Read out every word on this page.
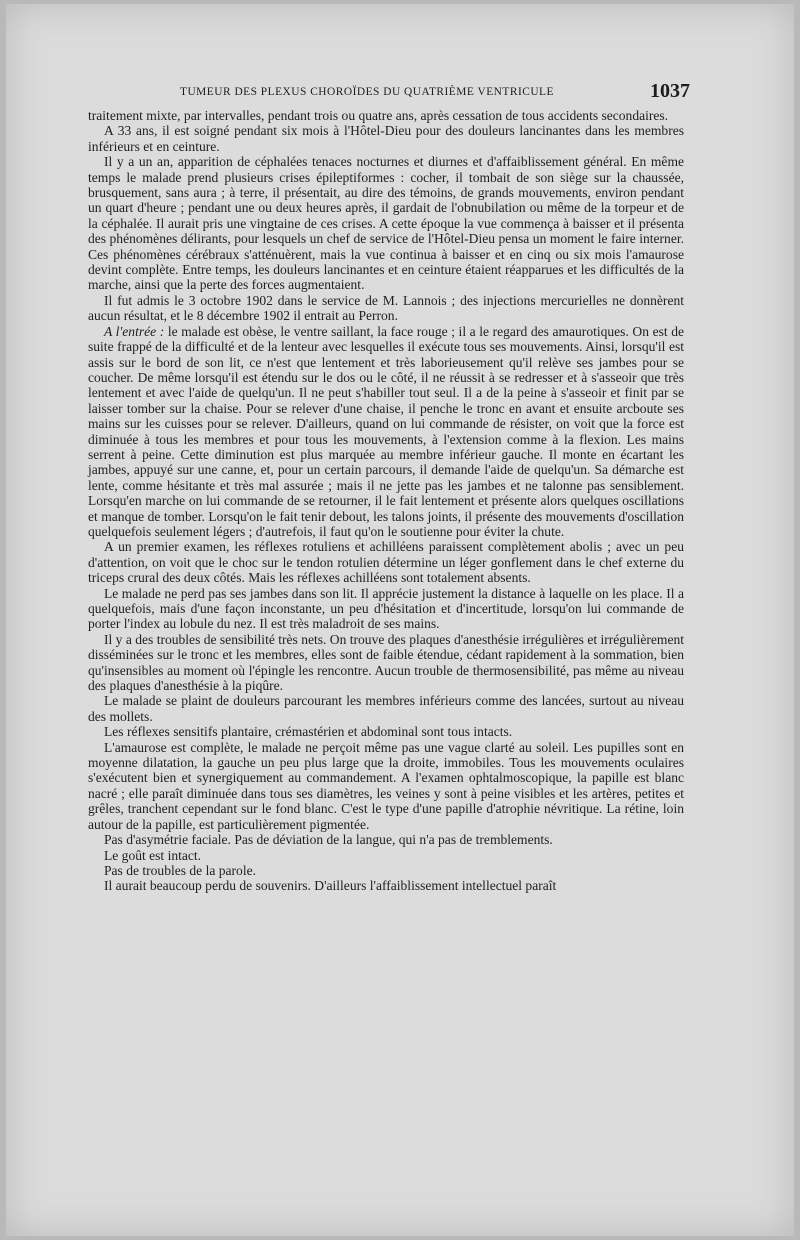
TUMEUR DES PLEXUS CHOROÏDES DU QUATRIÈME VENTRICULE	1037

traitement mixte, par intervalles, pendant trois ou quatre ans, après cessation de tous accidents secondaires.

A 33 ans, il est soigné pendant six mois à l'Hôtel-Dieu pour des douleurs lancinantes dans les membres inférieurs et en ceinture.

Il y a un an, apparition de céphalées tenaces nocturnes et diurnes et d'affaiblissement général. En même temps le malade prend plusieurs crises épileptiformes : cocher, il tombait de son siège sur la chaussée, brusquement, sans aura ; à terre, il présentait, au dire des témoins, de grands mouvements, environ pendant un quart d'heure ; pendant une ou deux heures après, il gardait de l'obnubilation ou même de la torpeur et de la céphalée. Il aurait pris une vingtaine de ces crises. A cette époque la vue commença à baisser et il présenta des phénomènes délirants, pour lesquels un chef de service de l'Hôtel-Dieu pensa un moment le faire interner. Ces phénomènes cérébraux s'atténuèrent, mais la vue continua à baisser et en cinq ou six mois l'amaurose devint complète. Entre temps, les douleurs lancinantes et en ceinture étaient réapparues et les difficultés de la marche, ainsi que la perte des forces augmentaient.

Il fut admis le 3 octobre 1902 dans le service de M. Lannois ; des injections mercurielles ne donnèrent aucun résultat, et le 8 décembre 1902 il entrait au Perron.

A l'entrée : le malade est obèse, le ventre saillant, la face rouge ; il a le regard des amaurotiques. On est de suite frappé de la difficulté et de la lenteur avec lesquelles il exécute tous ses mouvements. Ainsi, lorsqu'il est assis sur le bord de son lit, ce n'est que lentement et très laborieusement qu'il relève ses jambes pour se coucher. De même lorsqu'il est étendu sur le dos ou le côté, il ne réussit à se redresser et à s'asseoir que très lentement et avec l'aide de quelqu'un. Il ne peut s'habiller tout seul. Il a de la peine à s'asseoir et finit par se laisser tomber sur la chaise. Pour se relever d'une chaise, il penche le tronc en avant et ensuite arcboute ses mains sur les cuisses pour se relever. D'ailleurs, quand on lui commande de résister, on voit que la force est diminuée à tous les membres et pour tous les mouvements, à l'extension comme à la flexion. Les mains serrent à peine. Cette diminution est plus marquée au membre inférieur gauche. Il monte en écartant les jambes, appuyé sur une canne, et, pour un certain parcours, il demande l'aide de quelqu'un. Sa démarche est lente, comme hésitante et très mal assurée ; mais il ne jette pas les jambes et ne talonne pas sensiblement. Lorsqu'en marche on lui commande de se retourner, il le fait lentement et présente alors quelques oscillations et manque de tomber. Lorsqu'on le fait tenir debout, les talons joints, il présente des mouvements d'oscillation quelquefois seulement légers ; d'autrefois, il faut qu'on le soutienne pour éviter la chute.

A un premier examen, les réflexes rotuliens et achilléens paraissent complètement abolis ; avec un peu d'attention, on voit que le choc sur le tendon rotulien détermine un léger gonflement dans le chef externe du triceps crural des deux côtés. Mais les réflexes achilléens sont totalement absents.

Le malade ne perd pas ses jambes dans son lit. Il apprécie justement la distance à laquelle on les place. Il a quelquefois, mais d'une façon inconstante, un peu d'hésitation et d'incertitude, lorsqu'on lui commande de porter l'index au lobule du nez. Il est très maladroit de ses mains.

Il y a des troubles de sensibilité très nets. On trouve des plaques d'anesthésie irrégulières et irrégulièrement disséminées sur le tronc et les membres, elles sont de faible étendue, cédant rapidement à la sommation, bien qu'insensibles au moment où l'épingle les rencontre. Aucun trouble de thermosensibilité, pas même au niveau des plaques d'anesthésie à la piqûre.

Le malade se plaint de douleurs parcourant les membres inférieurs comme des lancées, surtout au niveau des mollets.

Les réflexes sensitifs plantaire, crémastérien et abdominal sont tous intacts.

L'amaurose est complète, le malade ne perçoit même pas une vague clarté au soleil. Les pupilles sont en moyenne dilatation, la gauche un peu plus large que la droite, immobiles. Tous les mouvements oculaires s'exécutent bien et synergiquement au commandement. A l'examen ophtalmoscopique, la papille est blanc nacré ; elle paraît diminuée dans tous ses diamètres, les veines y sont à peine visibles et les artères, petites et grêles, tranchent cependant sur le fond blanc. C'est le type d'une papille d'atrophie névritique. La rétine, loin autour de la papille, est particulièrement pigmentée.

Pas d'asymétrie faciale. Pas de déviation de la langue, qui n'a pas de tremblements.

Le goût est intact.

Pas de troubles de la parole.

Il aurait beaucoup perdu de souvenirs. D'ailleurs l'affaiblissement intellectuel paraît
